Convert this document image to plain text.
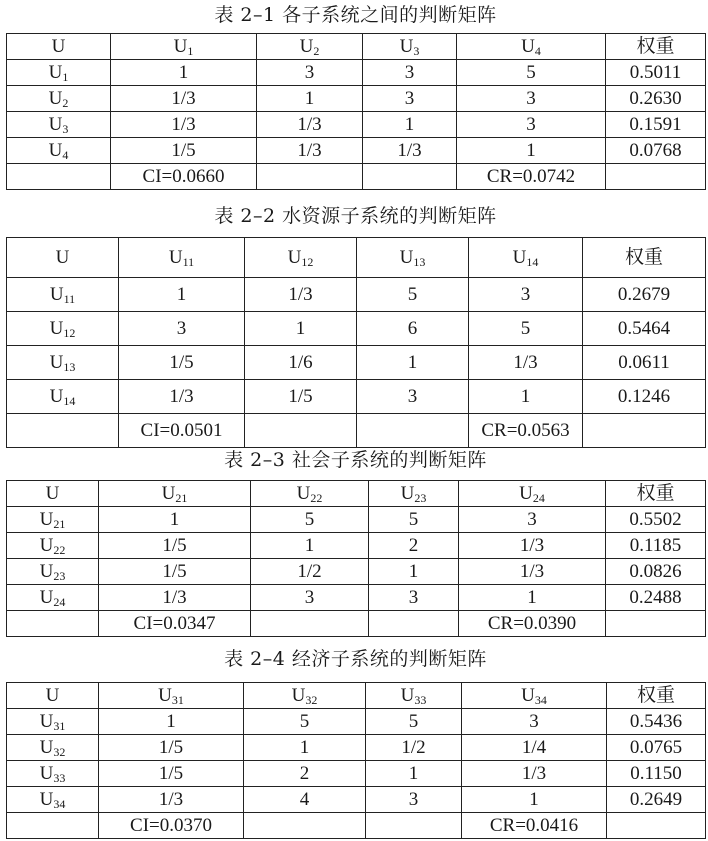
表 2–1 各子系统之间的判断矩阵
U	$U_1$	$U_2$	$U_3$	$U_4$	权重
$U_1$	1	3	3	5	0.5011
$U_2$	1/3	1	3	3	0.2630
$U_3$	1/3	1/3	1	3	0.1591
$U_4$	1/5	1/3	1/3	1	0.0768
	CI=0.0660			CR=0.0742	
表 2–2 水资源子系统的判断矩阵
U	$U_{11}$	$U_{12}$	$U_{13}$	$U_{14}$	权重
$U_{11}$	1	1/3	5	3	0.2679
$U_{12}$	3	1	6	5	0.5464
$U_{13}$	1/5	1/6	1	1/3	0.0611
$U_{14}$	1/3	1/5	3	1	0.1246
	CI=0.0501			CR=0.0563	
表 2–3 社会子系统的判断矩阵
U	$U_{21}$	$U_{22}$	$U_{23}$	$U_{24}$	权重
$U_{21}$	1	5	5	3	0.5502
$U_{22}$	1/5	1	2	1/3	0.1185
$U_{23}$	1/5	1/2	1	1/3	0.0826
$U_{24}$	1/3	3	3	1	0.2488
	CI=0.0347			CR=0.0390	
表 2–4 经济子系统的判断矩阵
U	$U_{31}$	$U_{32}$	$U_{33}$	$U_{34}$	权重
$U_{31}$	1	5	5	3	0.5436
$U_{32}$	1/5	1	1/2	1/4	0.0765
$U_{33}$	1/5	2	1	1/3	0.1150
$U_{34}$	1/3	4	3	1	0.2649
	CI=0.0370			CR=0.0416	
